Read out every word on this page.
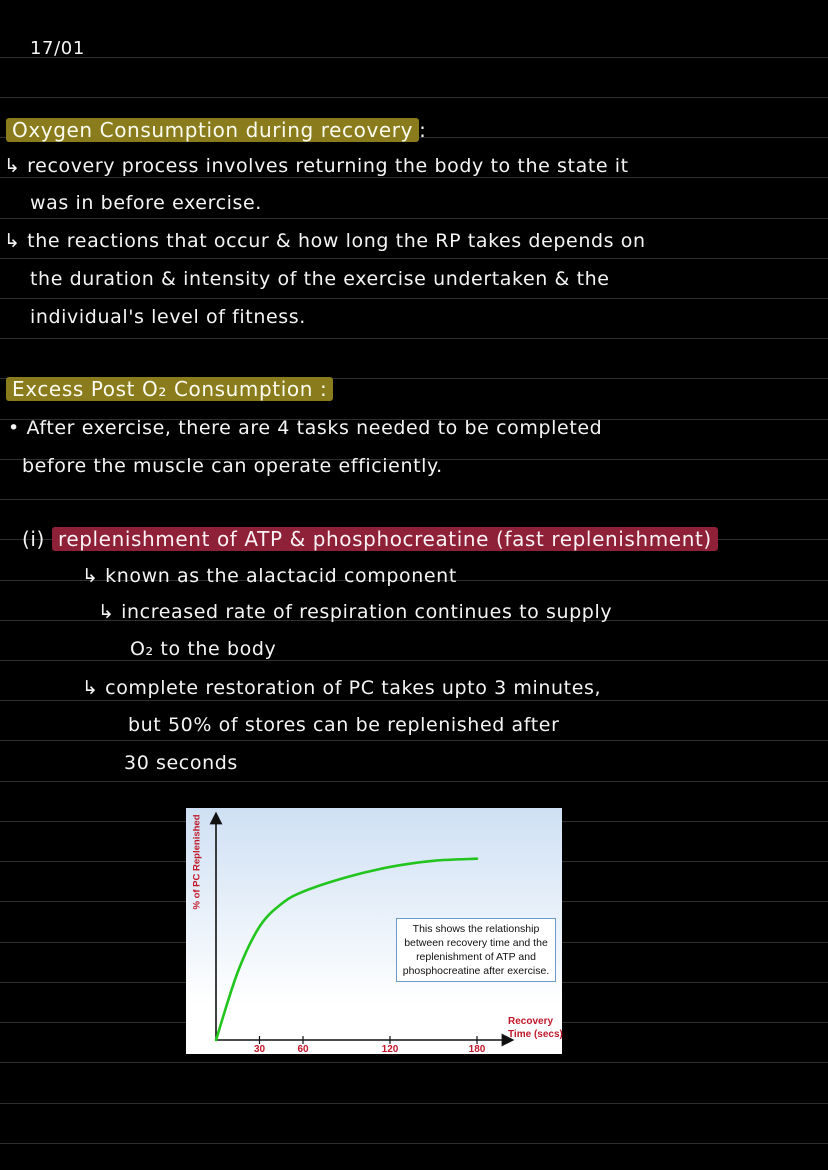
17/01
Oxygen Consumption during recovery :
↳ recovery process involves returning the body to the state it
was in before exercise.
↳ the reactions that occur & how long the RP takes depends on
the duration & intensity of the exercise undertaken & the
individual's level of fitness.
Excess Post O₂ Consumption :
• After exercise, there are 4 tasks needed to be completed
before the muscle can operate efficiently.
(i) replenishment of ATP & phosphocreatine (fast replenishment)
↳ known as the alactacid component
↳ increased rate of respiration continues to supply
O₂ to the body
↳ complete restoration of PC takes upto 3 minutes,
but 50% of stores can be replenished after
30 seconds
% of PC Replenished
Recovery Time (secs)
30	60	120	180
This shows the relationship between recovery time and the replenishment of ATP and phosphocreatine after exercise.
